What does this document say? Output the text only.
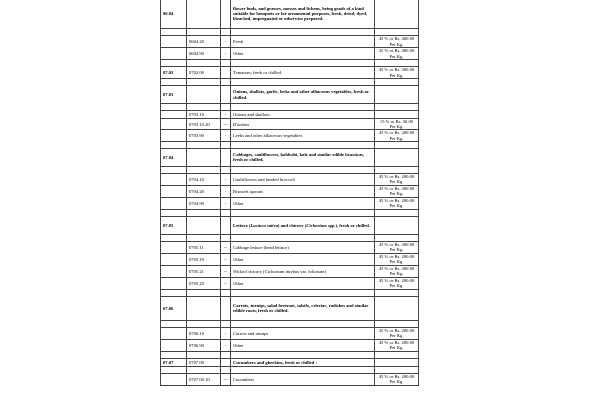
06.04			flower buds, and grasses, mosses and lichens, being goods of a kind suitable for bouquets or for ornamental purposes, fresh, dried, dyed, bleached, impregnated or otherwise prepared.	

	0604.20	-	Fresh	45 % or Rs. 400.00 Per Kg.
	0604.90	-	Other	45 % or Rs. 400.00 Per Kg.

07.02	0702.00		Tomatoes, fresh or chilled.	45 % or Rs. 200.00 Per Kg.

07.03			Onions, shallots, garlic, leeks and other alliaceous vegetables, fresh or chilled.	

	0703.10	-	Onions and shallots:	
	0703.10.20	---	B'onions	15 % or Rs. 30.00 Per Kg.
	0703.90	-	Leeks and other alliaceous vegetables	45 % or Rs. 200.00 Per Kg.

07.04			Cabbages, cauliflowers, kohlrabi, kale and similar edible brassicas, fresh or chilled.	

	0704.10	-	Cauliflowers and headed broccoli	45 % or Rs. 200.00 Per Kg.
	0704.20	-	Brussels sprouts	45 % or Rs. 200.00 Per Kg.
	0704.90	-	Other	45 % or Rs. 200.00 Per Kg.

07.05			Lettuce (Lactuca sativa) and chicory (Cichorium spp.), fresh or chilled.	

	0705.11	--	Cabbage lettuce (head lettuce)	45 % or Rs. 200.00 Per Kg.
	0705.19	--	Other	45 % or Rs. 200.00 Per Kg.
	0705.21	--	Witloof chicory (Cichorium intybus var. foliosum)	45 % or Rs. 200.00 Per Kg.
	0705.29	--	Other	45 % or Rs. 200.00 Per Kg.

07.06			Carrots, turnips, salad beetroot, salsify, celeriac, radishes and similar edible roots, fresh or chilled.	

	0706.10	-	Carrots and turnips	45 % or Rs. 200.00 Per Kg.
	0706.90	-	Other	45 % or Rs. 200.00 Per Kg.

07.07	0707.00		Cucumbers and gherkins, fresh or chilled :	

	0707.00.10	---	Cucumbers	45 % or Rs. 200.00 Per Kg.
